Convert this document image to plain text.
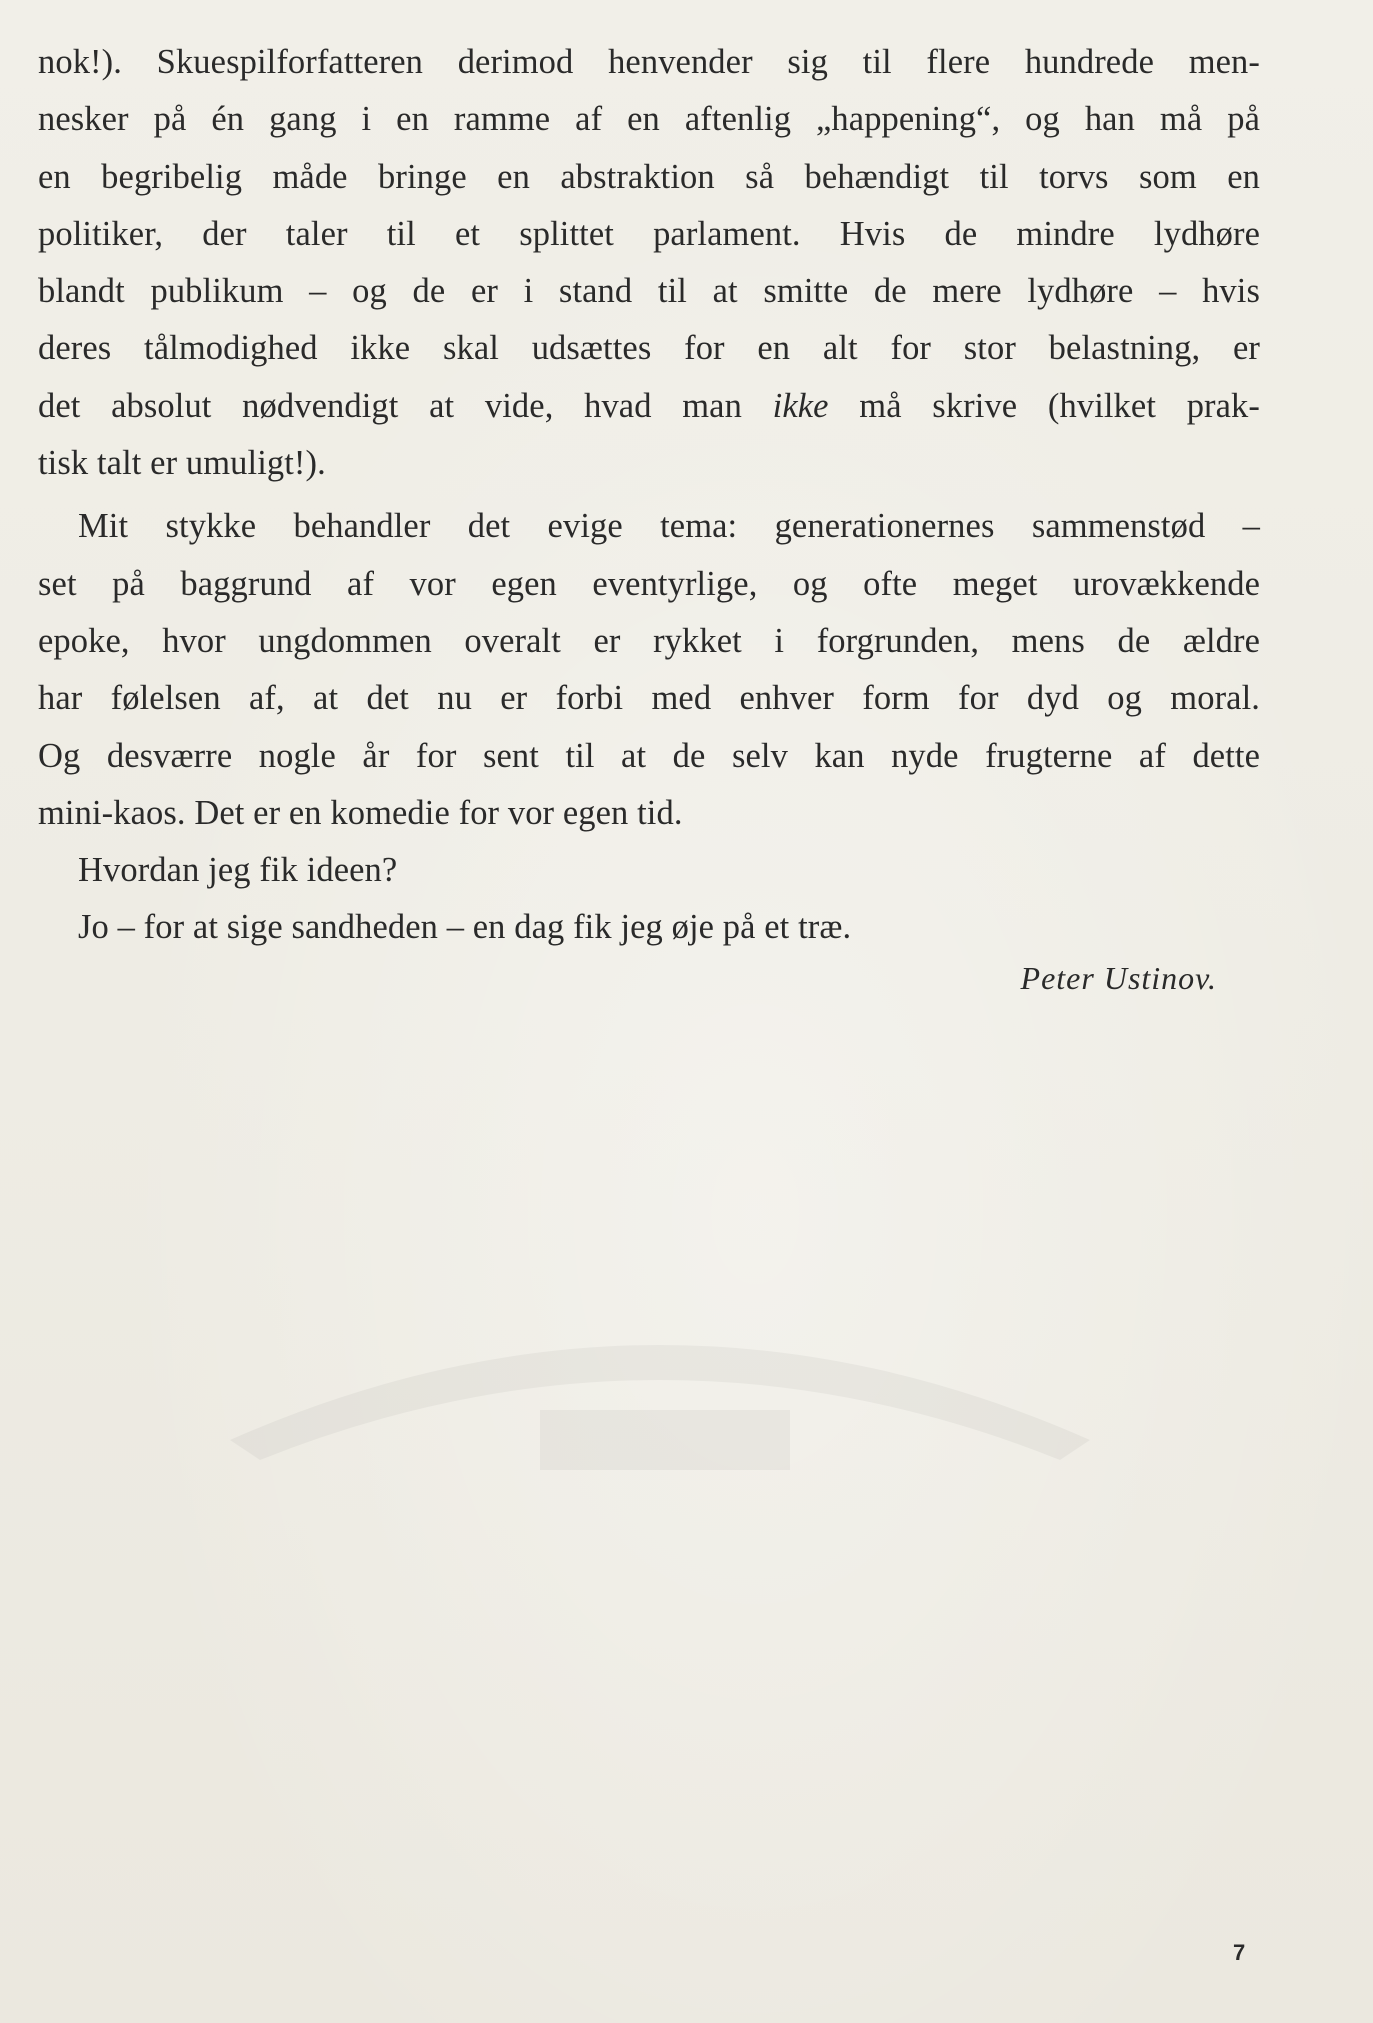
nok!). Skuespilforfatteren derimod henvender sig til flere hundrede men-
nesker på én gang i en ramme af en aftenlig „happening“, og han må på
en begribelig måde bringe en abstraktion så behændigt til torvs som en
politiker, der taler til et splittet parlament. Hvis de mindre lydhøre
blandt publikum – og de er i stand til at smitte de mere lydhøre – hvis
deres tålmodighed ikke skal udsættes for en alt for stor belastning, er
det absolut nødvendigt at vide, hvad man ikke må skrive (hvilket prak-
tisk talt er umuligt!).
Mit stykke behandler det evige tema: generationernes sammenstød –
set på baggrund af vor egen eventyrlige, og ofte meget urovækkende
epoke, hvor ungdommen overalt er rykket i forgrunden, mens de ældre
har følelsen af, at det nu er forbi med enhver form for dyd og moral.
Og desværre nogle år for sent til at de selv kan nyde frugterne af dette
mini-kaos. Det er en komedie for vor egen tid.
Hvordan jeg fik ideen?
Jo – for at sige sandheden – en dag fik jeg øje på et træ.
Peter Ustinov.
7
